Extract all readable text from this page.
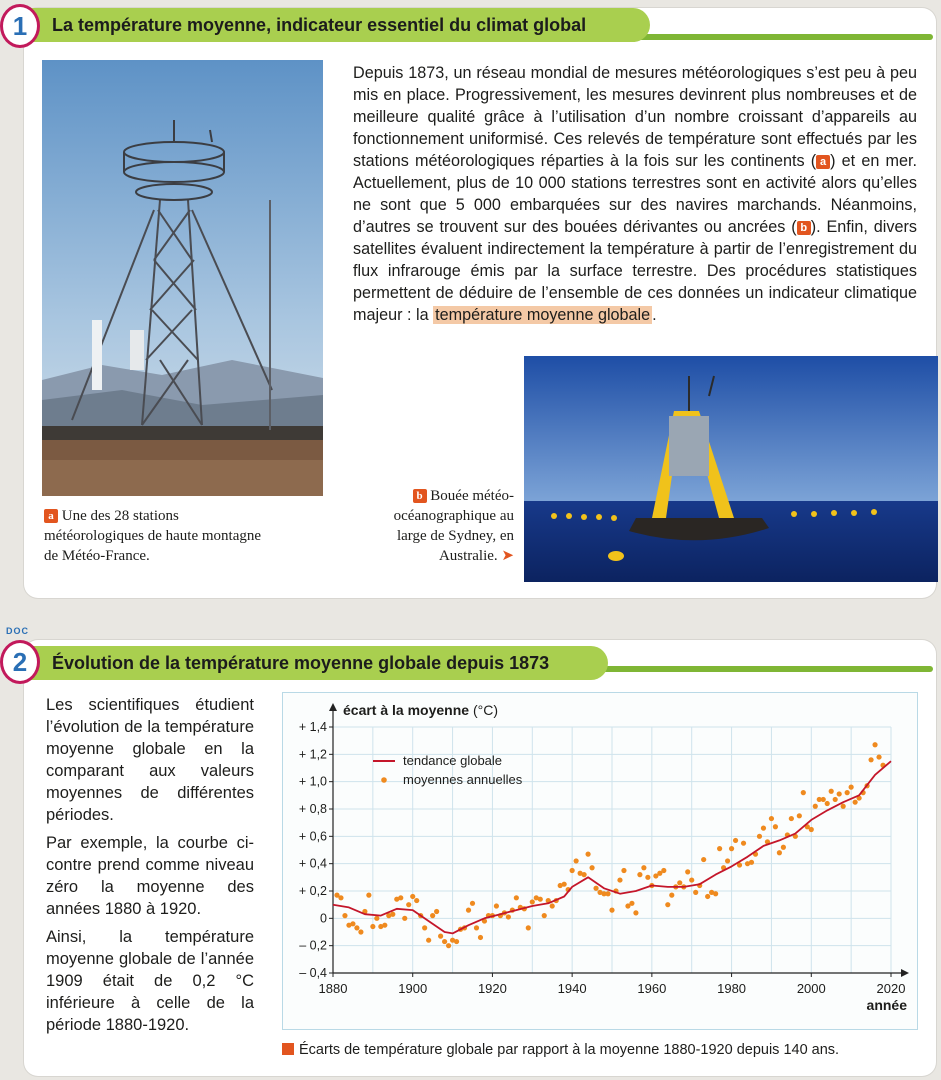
La température moyenne, indicateur essentiel du climat global
1
a Une des 28 stations météorologiques de haute montagne de Météo-France.
Depuis 1873, un réseau mondial de mesures météorologiques s’est peu à peu mis en place. Progressivement, les mesures devinrent plus nombreuses et de meilleure qualité grâce à l’utilisation d’un nombre croissant d’appareils au fonctionnement uniformisé. Ces relevés de température sont effectués par les stations météorologiques réparties à la fois sur les continents ( a ) et en mer. Actuellement, plus de 10 000 stations terrestres sont en activité alors qu’elles ne sont que 5 000 embarquées sur des navires marchands. Néanmoins, d’autres se trouvent sur des bouées dérivantes ou ancrées ( b ). Enfin, divers satellites évaluent indirectement la température à partir de l’enregistrement du flux infrarouge émis par la surface terrestre. Des procédures statistiques permettent de déduire de l’ensemble de ces données un indicateur climatique majeur : la température moyenne globale .
b Bouée météo-océanographique au large de Sydney, en Australie. ➤
DOC
Évolution de la température moyenne globale depuis 1873
2

Les scientifiques étudient l’évolution de la température moyenne globale en la comparant aux valeurs moyennes de différentes périodes.

Par exemple, la courbe ci-contre prend comme niveau zéro la moyenne des années 1880 à 1920.

Ainsi, la température moyenne globale de l’année 1909 était de 0,2 °C inférieure à celle de la période 1880-1920.

– 0,4
– 0,2
0
+ 0,2
+ 0,4
+ 0,6
+ 0,8
+ 1,0
+ 1,2
+ 1,4
1880	1900	1920	1940	1960	1980	2000	2020
écart à la moyenne (°C)
année
tendance globale
moyennes annuelles
Écarts de température globale par rapport à la moyenne 1880-1920 depuis 140 ans.
